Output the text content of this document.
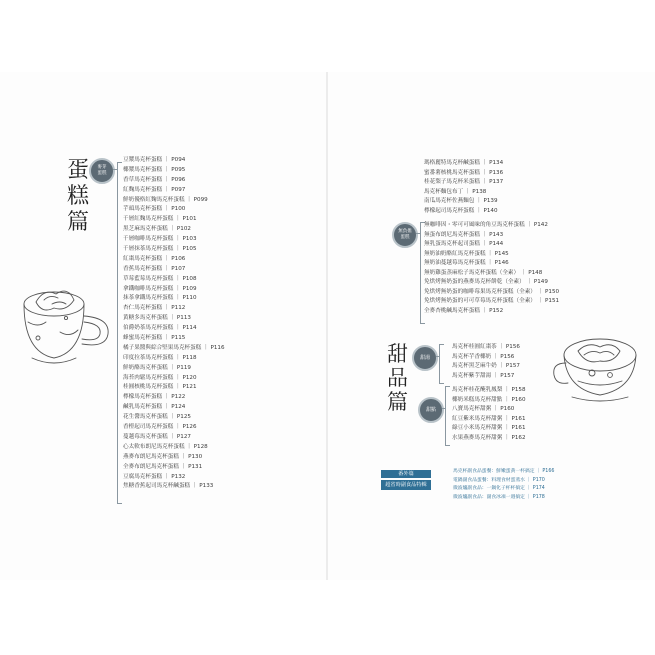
蛋
糕
篇
麥芽
蛋糕
豆漿馬克杯蛋糕 ｜ P094
椰漿馬克杯蛋糕 ｜ P095
香草馬克杯蛋糕 ｜ P096
紅麴馬克杯蛋糕 ｜ P097
鮮奶優格紅麴馬克杯蛋糕 ｜ P099
芋頭馬克杯蛋糕 ｜ P100
千層紅麴馬克杯蛋糕 ｜ P101
黑芝麻馬克杯蛋糕 ｜ P102
千層咖啡馬克杯蛋糕 ｜ P103
千層抹茶馬克杯蛋糕 ｜ P105
紅棗馬克杯蛋糕 ｜ P106
香蕉馬克杯蛋糕 ｜ P107
草莓藍莓馬克杯蛋糕 ｜ P108
拿鐵咖啡馬克杯蛋糕 ｜ P109
抹茶拿鐵馬克杯蛋糕 ｜ P110
杏仁馬克杯蛋糕 ｜ P112
黃糖多馬克杯蛋糕 ｜ P113
伯爵奶茶馬克杯蛋糕 ｜ P114
蜂蜜馬克杯蛋糕 ｜ P115
橘子果醬與綜合堅果馬克杯蛋糕 ｜ P116
印度拉茶馬克杯蛋糕 ｜ P118
鮮奶酪馬克杯蛋糕 ｜ P119
海苔肉鬆馬克杯蛋糕 ｜ P120
桂圓核桃馬克杯蛋糕 ｜ P121
檸檬馬克杯蛋糕 ｜ P122
鹹乳馬克杯蛋糕 ｜ P124
花生醬馬克杯蛋糕 ｜ P125
香橙起司馬克杯蛋糕 ｜ P126
蔓越莓馬克杯蛋糕 ｜ P127
心太軟布朗尼馬克杯蛋糕 ｜ P128
燕麥布朗尼馬克杯蛋糕 ｜ P130
全麥布朗尼馬克杯蛋糕 ｜ P131
豆腐馬克杯蛋糕 ｜ P132
焦糖香蕉起司馬克杯鹹蛋糕 ｜ P133
瑪格麗特馬克杯鹹蛋糕 ｜ P134
蜜番薯核桃馬克杯蛋糕 ｜ P136
桂花梨子馬克杯米蛋糕 ｜ P137
馬克杯麵包布丁 ｜ P138
南瓜馬克杯佐燕麵包 ｜ P139
檸檬起司馬克杯蛋糕 ｜ P140
無負擔
蛋糕
無咖啡因・零可可風味的角豆馬克杯蛋糕 ｜ P142
無蛋布朗尼馬克杯蛋糕 ｜ P143
無乳蛋馬克杯起司蛋糕 ｜ P144
無奶油奶酪紅馬克杯蛋糕 ｜ P145
無奶油蔓越莓馬克杯蛋糕 ｜ P146
無奶雞蛋蒸麻松子馬克杯蛋糕（全素） ｜ P148
免烘烤無奶蛋的燕麥馬克杯餅乾（全素） ｜ P149
免烘烤無奶蛋的咖啡莓果馬克杯蛋糕（全素） ｜ P150
免烘烤無奶蛋的可可草莓馬克杯蛋糕（全素） ｜ P151
全麥杏桃鹹馬克杯蛋糕 ｜ P152
甜
品
篇
甜湯
馬克杯桂圓紅棗茶 ｜ P156
馬克杯芋香椰奶 ｜ P156
馬克杯黑芝麻牛奶 ｜ P157
馬克杯紫芋甜湯 ｜ P157
甜點
馬克杯桂花醃乳鳳梨 ｜ P158
椰奶米糕馬克杯甜點 ｜ P160
八寶馬克杯甜粥 ｜ P160
紅豆紫米馬克杯甜粥 ｜ P161
綠豆小米馬克杯甜粥 ｜ P161
水果燕麥馬克杯甜粥 ｜ P162
番外篇
超省時副食品特輯
馬克杯副食品蛋餐：鮮嫩蛋黃一杯搞定 ｜ P166
電鍋副食品蛋餐：料理食材蛋蒸水 ｜ P170
微波爐副食品：一鍋化子杯杯搞定 ｜ P174
微波爐副食品：副食冰凍一週搞定 ｜ P178
